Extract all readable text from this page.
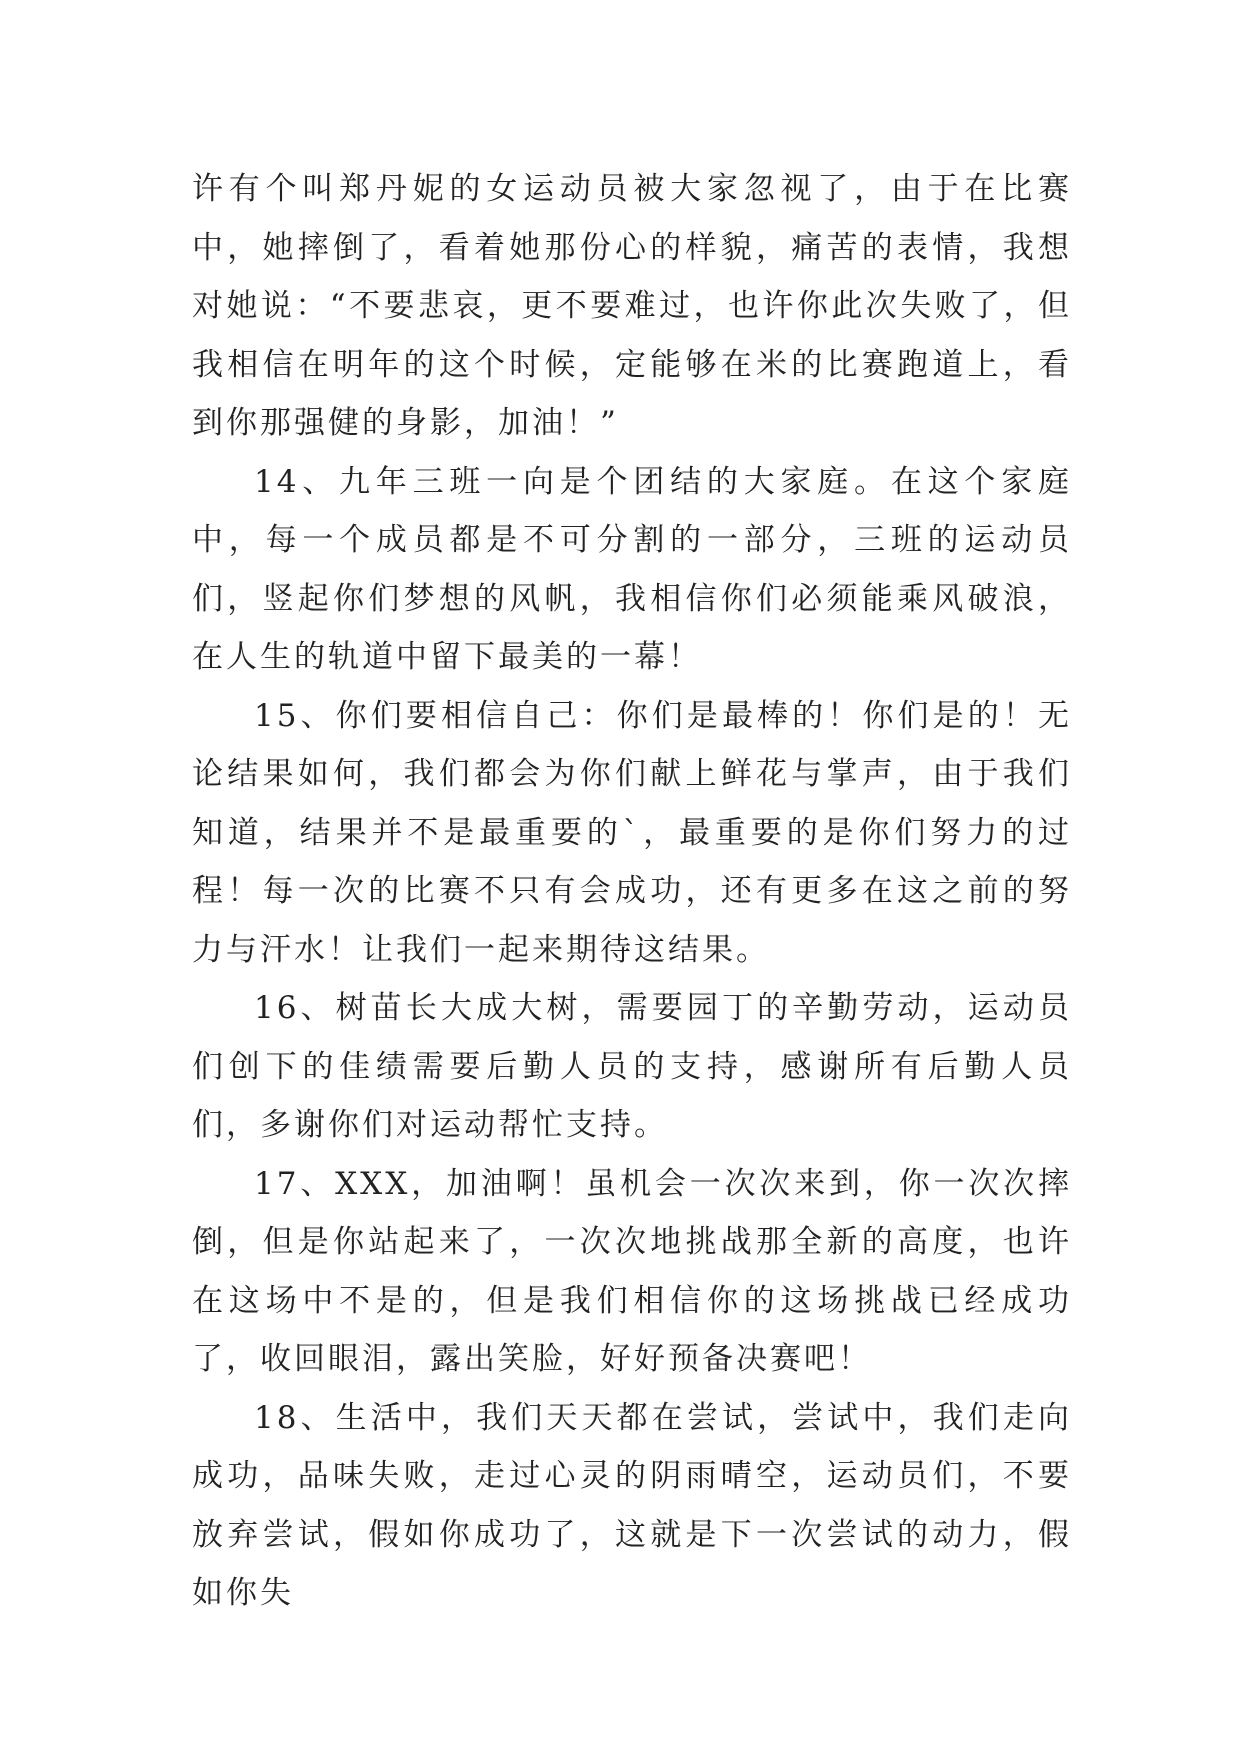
许有个叫郑丹妮的女运动员被大家忽视了，由于在比赛中，她摔倒了，看着她那份心的样貌，痛苦的表情，我想对她说：“不要悲哀，更不要难过，也许你此次失败了，但我相信在明年的这个时候，定能够在米的比赛跑道上，看到你那强健的身影，加油！”

14、九年三班一向是个团结的大家庭。在这个家庭中，每一个成员都是不可分割的一部分，三班的运动员们，竖起你们梦想的风帆，我相信你们必须能乘风破浪，在人生的轨道中留下最美的一幕！

15、你们要相信自己：你们是最棒的！你们是的！无论结果如何，我们都会为你们献上鲜花与掌声，由于我们知道，结果并不是最重要的`，最重要的是你们努力的过程！每一次的比赛不只有会成功，还有更多在这之前的努力与汗水！让我们一起来期待这结果。

16、树苗长大成大树，需要园丁的辛勤劳动，运动员们创下的佳绩需要后勤人员的支持，感谢所有后勤人员们，多谢你们对运动帮忙支持。

17、XXX，加油啊！虽机会一次次来到，你一次次摔倒，但是你站起来了，一次次地挑战那全新的高度，也许在这场中不是的，但是我们相信你的这场挑战已经成功了，收回眼泪，露出笑脸，好好预备决赛吧！

18、生活中，我们天天都在尝试，尝试中，我们走向成功，品味失败，走过心灵的阴雨晴空，运动员们，不要放弃尝试，假如你成功了，这就是下一次尝试的动力，假如你失
